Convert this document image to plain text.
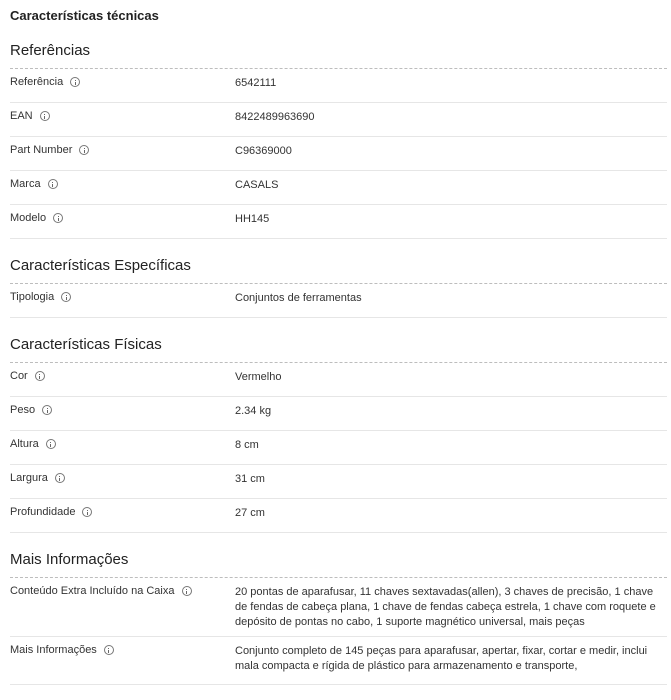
Características técnicas
Referências
Referência	6542111
EAN	8422489963690
Part Number	C96369000
Marca	CASALS
Modelo	HH145
Características Específicas
Tipologia	Conjuntos de ferramentas
Características Físicas
Cor	Vermelho
Peso	2.34 kg
Altura	8 cm
Largura	31 cm
Profundidade	27 cm
Mais Informações
Conteúdo Extra Incluído na Caixa	20 pontas de aparafusar, 11 chaves sextavadas(allen), 3 chaves de precisão, 1 chave de fendas de cabeça plana, 1 chave de fendas cabeça estrela, 1 chave com roquete e depósito de pontas no cabo, 1 suporte magnético universal, mais peças
Mais Informações	Conjunto completo de 145 peças para aparafusar, apertar, fixar, cortar e medir, inclui mala compacta e rígida de plástico para armazenamento e transporte,
